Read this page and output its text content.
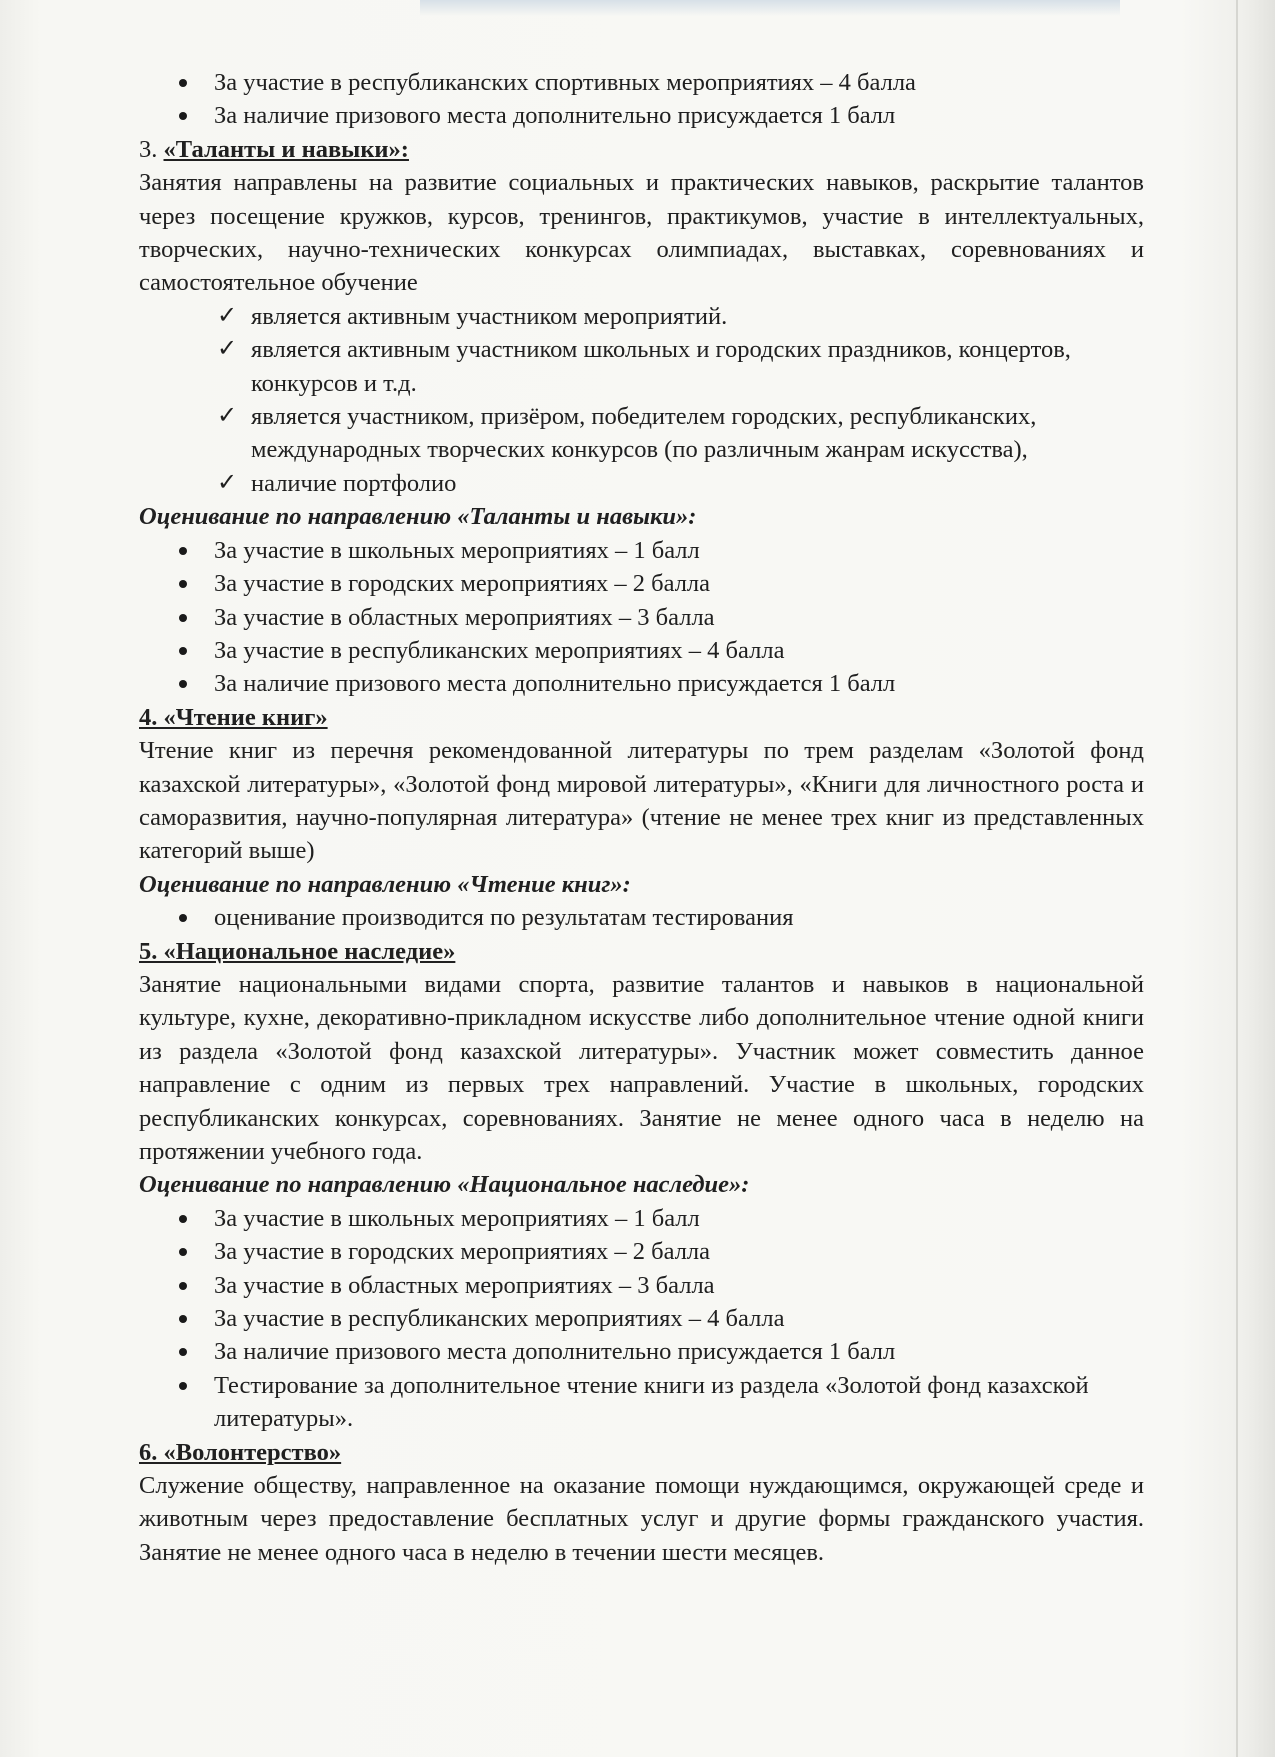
За участие в республиканских спортивных мероприятиях – 4 балла
За наличие призового места дополнительно присуждается 1 балл

3. «Таланты и навыки»:

Занятия направлены на развитие социальных и практических навыков, раскрытие талантов через посещение кружков, курсов, тренингов, практикумов, участие в интеллектуальных, творческих, научно-технических конкурсах олимпиадах, выставках, соревнованиях и самостоятельное обучение

✓ является активным участником мероприятий.
✓ является активным участником школьных и городских праздников, концертов, конкурсов и т.д.
✓ является участником, призёром, победителем городских, республиканских, международных творческих конкурсов (по различным жанрам искусства),
✓ наличие портфолио

Оценивание по направлению «Таланты и навыки»:

За участие в школьных мероприятиях – 1 балл
За участие в городских мероприятиях – 2 балла
За участие в областных мероприятиях – 3 балла
За участие в республиканских мероприятиях – 4 балла
За наличие призового места дополнительно присуждается 1 балл

4. «Чтение книг»

Чтение книг из перечня рекомендованной литературы по трем разделам «Золотой фонд казахской литературы», «Золотой фонд мировой литературы», «Книги для личностного роста и саморазвития, научно-популярная литература» (чтение не менее трех книг из представленных категорий выше)

Оценивание по направлению «Чтение книг»:

оценивание производится по результатам тестирования

5. «Национальное наследие»

Занятие национальными видами спорта, развитие талантов и навыков в национальной культуре, кухне, декоративно-прикладном искусстве либо дополнительное чтение одной книги из раздела «Золотой фонд казахской литературы». Участник может совместить данное направление с одним из первых трех направлений. Участие в школьных, городских республиканских конкурсах, соревнованиях. Занятие не менее одного часа в неделю на протяжении учебного года.

Оценивание по направлению «Национальное наследие»:

За участие в школьных мероприятиях – 1 балл
За участие в городских мероприятиях – 2 балла
За участие в областных мероприятиях – 3 балла
За участие в республиканских мероприятиях – 4 балла
За наличие призового места дополнительно присуждается 1 балл
Тестирование за дополнительное чтение книги из раздела «Золотой фонд казахской литературы».

6. «Волонтерство»

Служение обществу, направленное на оказание помощи нуждающимся, окружающей среде и животным через предоставление бесплатных услуг и другие формы гражданского участия. Занятие не менее одного часа в неделю в течении шести месяцев.
